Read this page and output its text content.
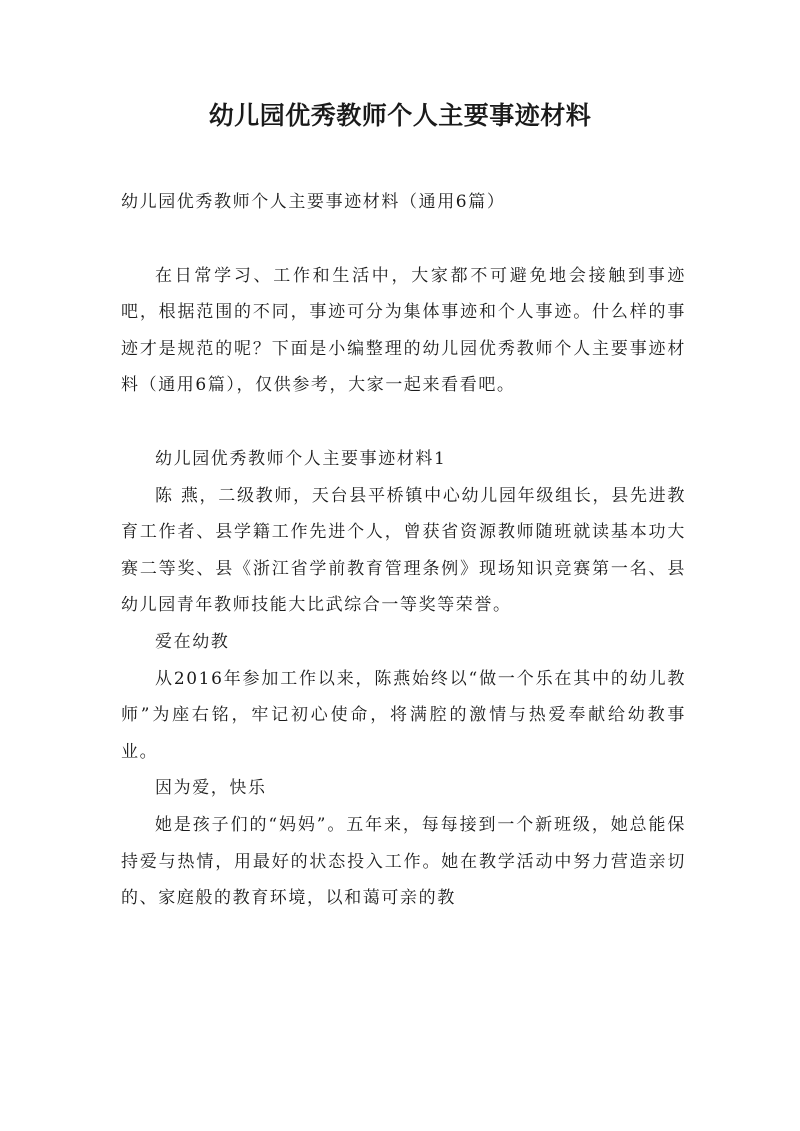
幼儿园优秀教师个人主要事迹材料

幼儿园优秀教师个人主要事迹材料（通用6篇）

在日常学习、工作和生活中，大家都不可避免地会接触到事迹吧，根据范围的不同，事迹可分为集体事迹和个人事迹。什么样的事迹才是规范的呢？下面是小编整理的幼儿园优秀教师个人主要事迹材料（通用6篇），仅供参考，大家一起来看看吧。

幼儿园优秀教师个人主要事迹材料1

陈 燕，二级教师，天台县平桥镇中心幼儿园年级组长，县先进教育工作者、县学籍工作先进个人，曾获省资源教师随班就读基本功大赛二等奖、县《浙江省学前教育管理条例》现场知识竞赛第一名、县幼儿园青年教师技能大比武综合一等奖等荣誉。

爱在幼教

从2016年参加工作以来，陈燕始终以“做一个乐在其中的幼儿教师”为座右铭，牢记初心使命，将满腔的激情与热爱奉献给幼教事业。

因为爱，快乐

她是孩子们的“妈妈”。五年来，每每接到一个新班级，她总能保持爱与热情，用最好的状态投入工作。她在教学活动中努力营造亲切的、家庭般的教育环境，以和蔼可亲的教
